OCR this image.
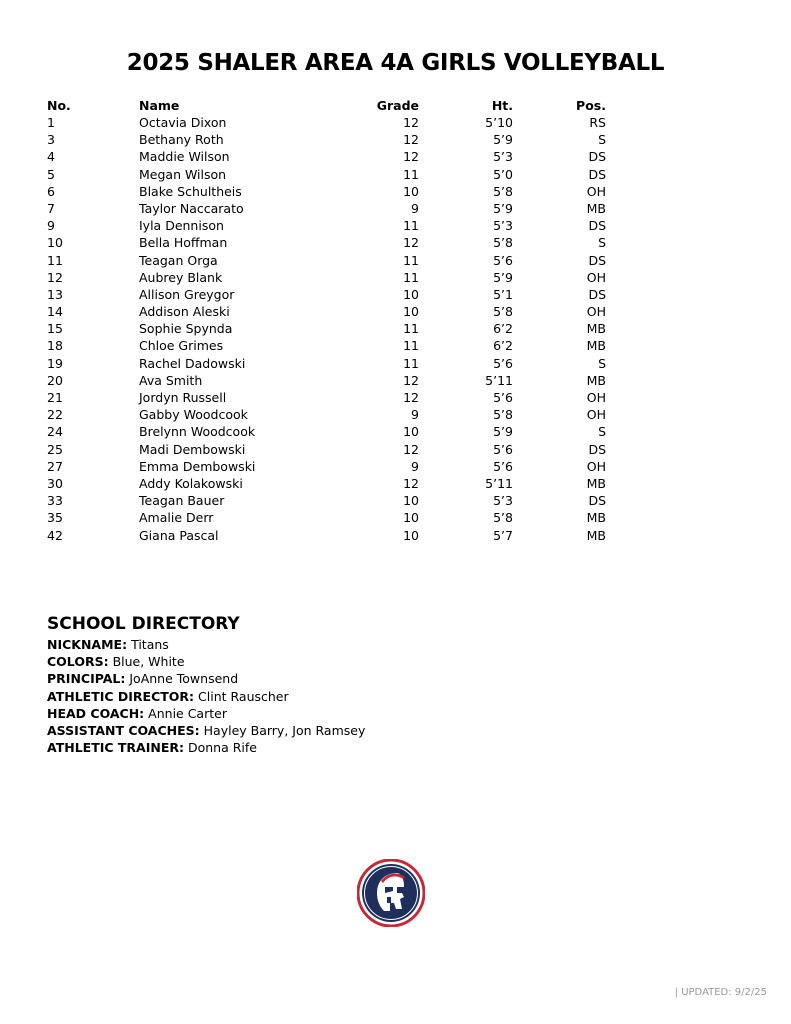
2025 SHALER AREA 4A GIRLS VOLLEYBALL
No.	Name	Grade	Ht.	Pos.
1	Octavia Dixon	12	5’10	RS
3	Bethany Roth	12	5’9	S
4	Maddie Wilson	12	5’3	DS
5	Megan Wilson	11	5’0	DS
6	Blake Schultheis	10	5’8	OH
7	Taylor Naccarato	9	5’9	MB
9	Iyla Dennison	11	5’3	DS
10	Bella Hoffman	12	5’8	S
11	Teagan Orga	11	5’6	DS
12	Aubrey Blank	11	5’9	OH
13	Allison Greygor	10	5’1	DS
14	Addison Aleski	10	5’8	OH
15	Sophie Spynda	11	6’2	MB
18	Chloe Grimes	11	6’2	MB
19	Rachel Dadowski	11	5’6	S
20	Ava Smith	12	5’11	MB
21	Jordyn Russell	12	5’6	OH
22	Gabby Woodcook	9	5’8	OH
24	Brelynn Woodcook	10	5’9	S
25	Madi Dembowski	12	5’6	DS
27	Emma Dembowski	9	5’6	OH
30	Addy Kolakowski	12	5’11	MB
33	Teagan Bauer	10	5’3	DS
35	Amalie Derr	10	5’8	MB
42	Giana Pascal	10	5’7	MB
SCHOOL DIRECTORY
NICKNAME: Titans
COLORS: Blue, White
PRINCIPAL: JoAnne Townsend
ATHLETIC DIRECTOR: Clint Rauscher
HEAD COACH: Annie Carter
ASSISTANT COACHES: Hayley Barry, Jon Ramsey
ATHLETIC TRAINER: Donna Rife
| UPDATED: 9/2/25
